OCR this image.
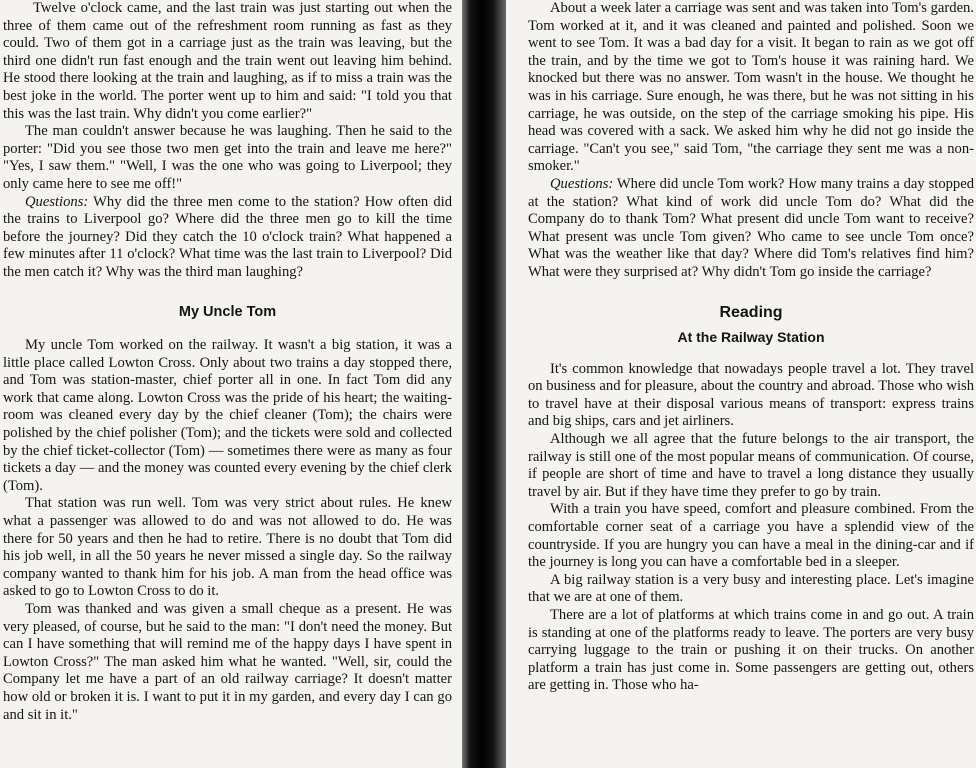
Twelve o'clock came, and the last train was just starting out when the three of them came out of the refreshment room running as fast as they could. Two of them got in a carriage just as the train was leaving, but the third one didn't run fast enough and the train went out leaving him behind. He stood there looking at the train and laughing, as if to miss a train was the best joke in the world. The porter went up to him and said: "I told you that this was the last train. Why didn't you come earlier?"

The man couldn't answer because he was laughing. Then he said to the porter: "Did you see those two men get into the train and leave me here?" "Yes, I saw them." "Well, I was the one who was going to Liverpool; they only came here to see me off!"

Questions: Why did the three men come to the station? How often did the trains to Liverpool go? Where did the three men go to kill the time before the journey? Did they catch the 10 o'clock train? What happened a few minutes after 11 o'clock? What time was the last train to Liverpool? Did the men catch it? Why was the third man laughing?

My Uncle Tom

My uncle Tom worked on the railway. It wasn't a big station, it was a little place called Lowton Cross. Only about two trains a day stopped there, and Tom was station-master, chief porter all in one. In fact Tom did any work that came along. Lowton Cross was the pride of his heart; the waiting-room was cleaned every day by the chief cleaner (Tom); the chairs were polished by the chief polisher (Tom); and the tickets were sold and collected by the chief ticket-collector (Tom) — sometimes there were as many as four tickets a day — and the money was counted every evening by the chief clerk (Tom).

That station was run well. Tom was very strict about rules. He knew what a passenger was allowed to do and was not allowed to do. He was there for 50 years and then he had to retire. There is no doubt that Tom did his job well, in all the 50 years he never missed a single day. So the railway company wanted to thank him for his job. A man from the head office was asked to go to Lowton Cross to do it.

Tom was thanked and was given a small cheque as a present. He was very pleased, of course, but he said to the man: "I don't need the money. But can I have something that will remind me of the happy days I have spent in Lowton Cross?" The man asked him what he wanted. "Well, sir, could the Company let me have a part of an old railway carriage? It doesn't matter how old or broken it is. I want to put it in my garden, and every day I can go and sit in it."

About a week later a carriage was sent and was taken into Tom's garden. Tom worked at it, and it was cleaned and painted and polished. Soon we went to see Tom. It was a bad day for a visit. It began to rain as we got off the train, and by the time we got to Tom's house it was raining hard. We knocked but there was no answer. Tom wasn't in the house. We thought he was in his carriage. Sure enough, he was there, but he was not sitting in his carriage, he was outside, on the step of the carriage smoking his pipe. His head was covered with a sack. We asked him why he did not go inside the carriage. "Can't you see," said Tom, "the carriage they sent me was a non-smoker."

Questions: Where did uncle Tom work? How many trains a day stopped at the station? What kind of work did uncle Tom do? What did the Company do to thank Tom? What present did uncle Tom want to receive? What present was uncle Tom given? Who came to see uncle Tom once? What was the weather like that day? Where did Tom's relatives find him? What were they surprised at? Why didn't Tom go inside the carriage?

Reading
At the Railway Station

It's common knowledge that nowadays people travel a lot. They travel on business and for pleasure, about the country and abroad. Those who wish to travel have at their disposal various means of transport: express trains and big ships, cars and jet airliners.

Although we all agree that the future belongs to the air transport, the railway is still one of the most popular means of communication. Of course, if people are short of time and have to travel a long distance they usually travel by air. But if they have time they prefer to go by train.

With a train you have speed, comfort and pleasure combined. From the comfortable corner seat of a carriage you have a splendid view of the countryside. If you are hungry you can have a meal in the dining-car and if the journey is long you can have a comfortable bed in a sleeper.

A big railway station is a very busy and interesting place. Let's imagine that we are at one of them.

There are a lot of platforms at which trains come in and go out. A train is standing at one of the platforms ready to leave. The porters are very busy carrying luggage to the train or pushing it on their trucks. On another platform a train has just come in. Some passengers are getting out, others are getting in. Those who ha-
